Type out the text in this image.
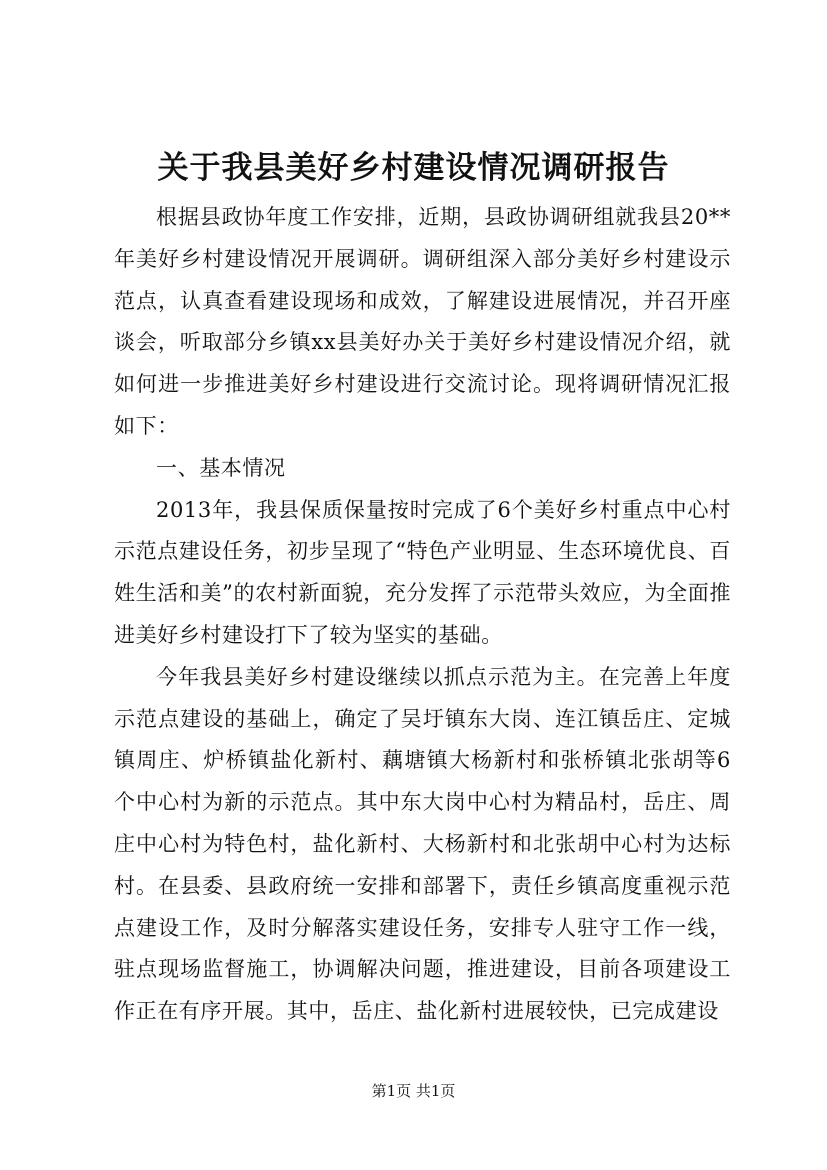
关于我县美好乡村建设情况调研报告

根据县政协年度工作安排，近期，县政协调研组就我县20**年美好乡村建设情况开展调研。调研组深入部分美好乡村建设示范点，认真查看建设现场和成效，了解建设进展情况，并召开座谈会，听取部分乡镇xx县美好办关于美好乡村建设情况介绍，就如何进一步推进美好乡村建设进行交流讨论。现将调研情况汇报如下：

一、基本情况

2013年，我县保质保量按时完成了6个美好乡村重点中心村示范点建设任务，初步呈现了“特色产业明显、生态环境优良、百姓生活和美”的农村新面貌，充分发挥了示范带头效应，为全面推进美好乡村建设打下了较为坚实的基础。

今年我县美好乡村建设继续以抓点示范为主。在完善上年度示范点建设的基础上，确定了吴圩镇东大岗、连江镇岳庄、定城镇周庄、炉桥镇盐化新村、藕塘镇大杨新村和张桥镇北张胡等6个中心村为新的示范点。其中东大岗中心村为精品村，岳庄、周庄中心村为特色村，盐化新村、大杨新村和北张胡中心村为达标村。在县委、县政府统一安排和部署下，责任乡镇高度重视示范点建设工作，及时分解落实建设任务，安排专人驻守工作一线，驻点现场监督施工，协调解决问题，推进建设，目前各项建设工作正在有序开展。其中，岳庄、盐化新村进展较快，已完成建设

第1页 共1页
